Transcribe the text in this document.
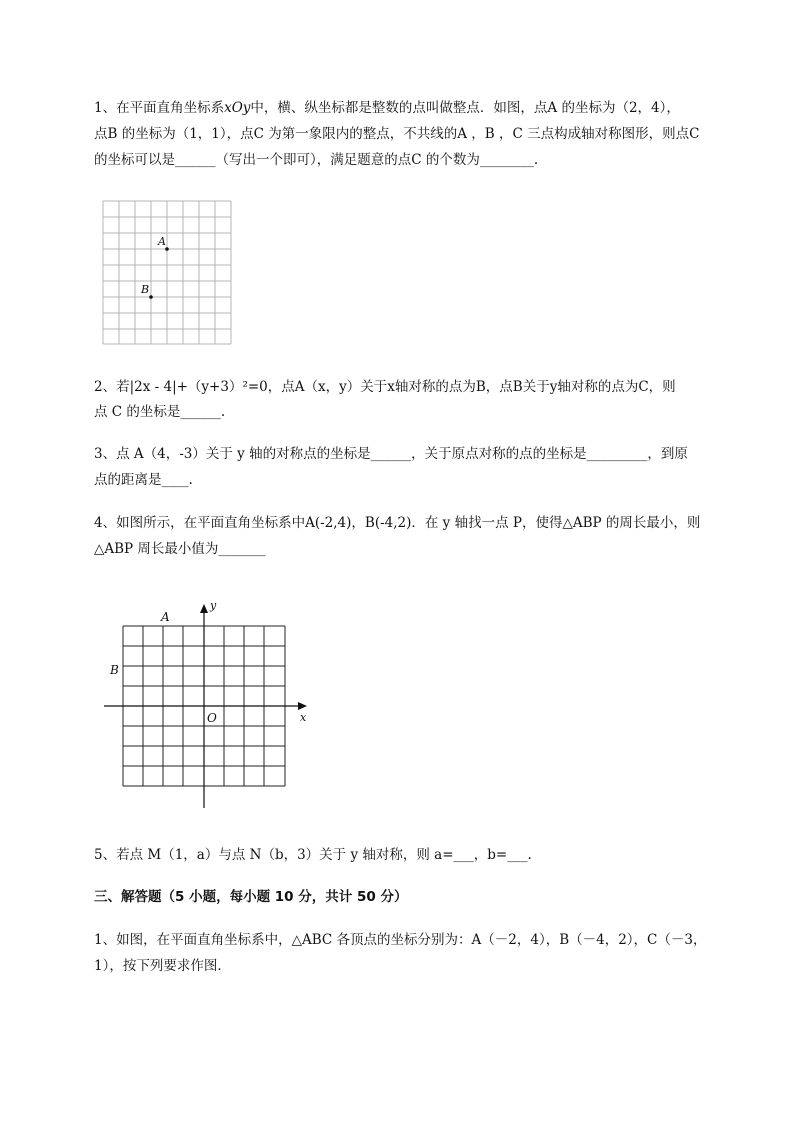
1、在平面直角坐标系xOy中，横、纵坐标都是整数的点叫做整点．如图，点A 的坐标为（2，4），
点B 的坐标为（1，1），点C 为第一象限内的整点，不共线的A ，B ，C 三点构成轴对称图形，则点C
的坐标可以是______（写出一个即可），满足题意的点C 的个数为________.
A
B
2、若|2x - 4|+（y+3）²=0，点A（x，y）关于x轴对称的点为B，点B关于y轴对称的点为C，则
点 C 的坐标是______.
3、点 A（4，-3）关于 y 轴的对称点的坐标是______，关于原点对称的点的坐标是_________，到原
点的距离是____.
4、如图所示，在平面直角坐标系中A(-2,4)，B(-4,2)．在 y 轴找一点 P，使得△ABP 的周长最小，则
△ABP 周长最小值为_______
y
x
O
A
B
5、若点 M（1，a）与点 N（b，3）关于 y 轴对称，则 a=___，b=___.
三、解答题（5 小题，每小题 10 分，共计 50 分）
1、如图，在平面直角坐标系中，△ABC 各顶点的坐标分别为：A（－2，4），B（－4，2），C（－3，
1），按下列要求作图．
